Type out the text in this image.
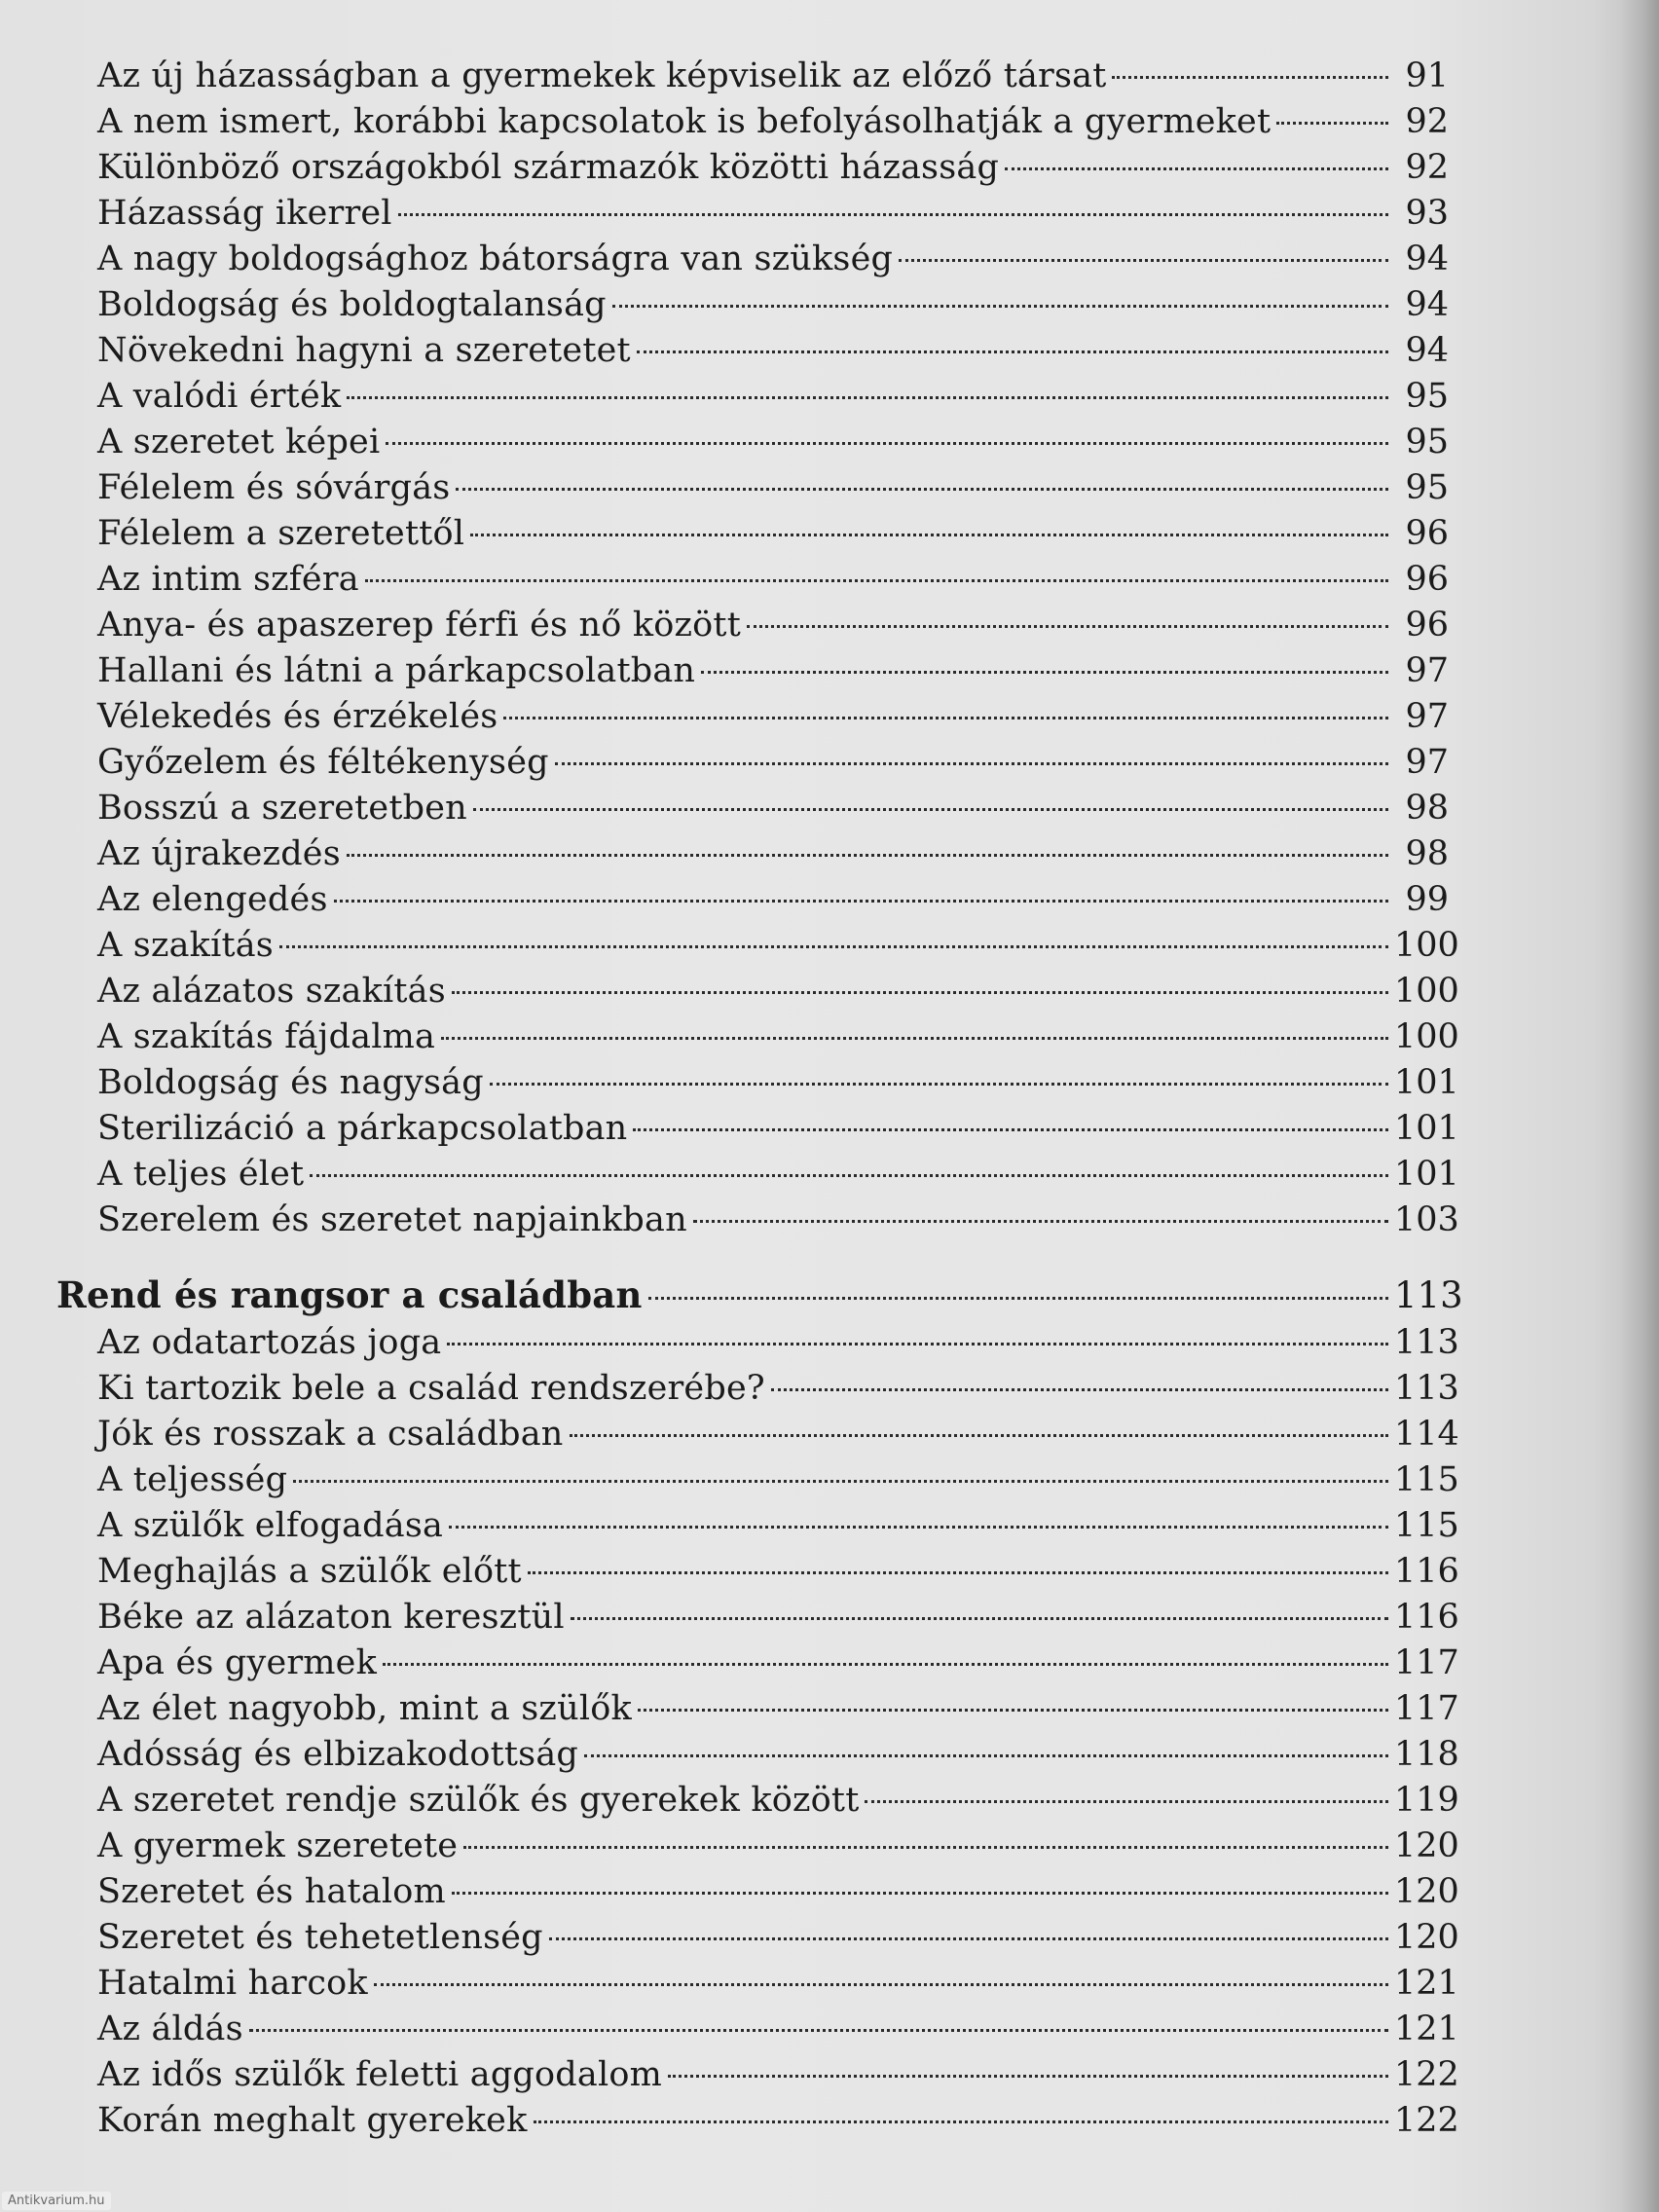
Az új házasságban a gyermekek képviselik az előző társat	91
A nem ismert, korábbi kapcsolatok is befolyásolhatják a gyermeket	92
Különböző országokból származók közötti házasság	92
Házasság ikerrel	93
A nagy boldogsághoz bátorságra van szükség	94
Boldogság és boldogtalanság	94
Növekedni hagyni a szeretetet	94
A valódi érték	95
A szeretet képei	95
Félelem és sóvárgás	95
Félelem a szeretettől	96
Az intim szféra	96
Anya- és apaszerep férfi és nő között	96
Hallani és látni a párkapcsolatban	97
Vélekedés és érzékelés	97
Győzelem és féltékenység	97
Bosszú a szeretetben	98
Az újrakezdés	98
Az elengedés	99
A szakítás	100
Az alázatos szakítás	100
A szakítás fájdalma	100
Boldogság és nagyság	101
Sterilizáció a párkapcsolatban	101
A teljes élet	101
Szerelem és szeretet napjainkban	103
Rend és rangsor a családban	113
Az odatartozás joga	113
Ki tartozik bele a család rendszerébe?	113
Jók és rosszak a családban	114
A teljesség	115
A szülők elfogadása	115
Meghajlás a szülők előtt	116
Béke az alázaton keresztül	116
Apa és gyermek	117
Az élet nagyobb, mint a szülők	117
Adósság és elbizakodottság	118
A szeretet rendje szülők és gyerekek között	119
A gyermek szeretete	120
Szeretet és hatalom	120
Szeretet és tehetetlenség	120
Hatalmi harcok	121
Az áldás	121
Az idős szülők feletti aggodalom	122
Korán meghalt gyerekek	122
Antikvarium.hu
